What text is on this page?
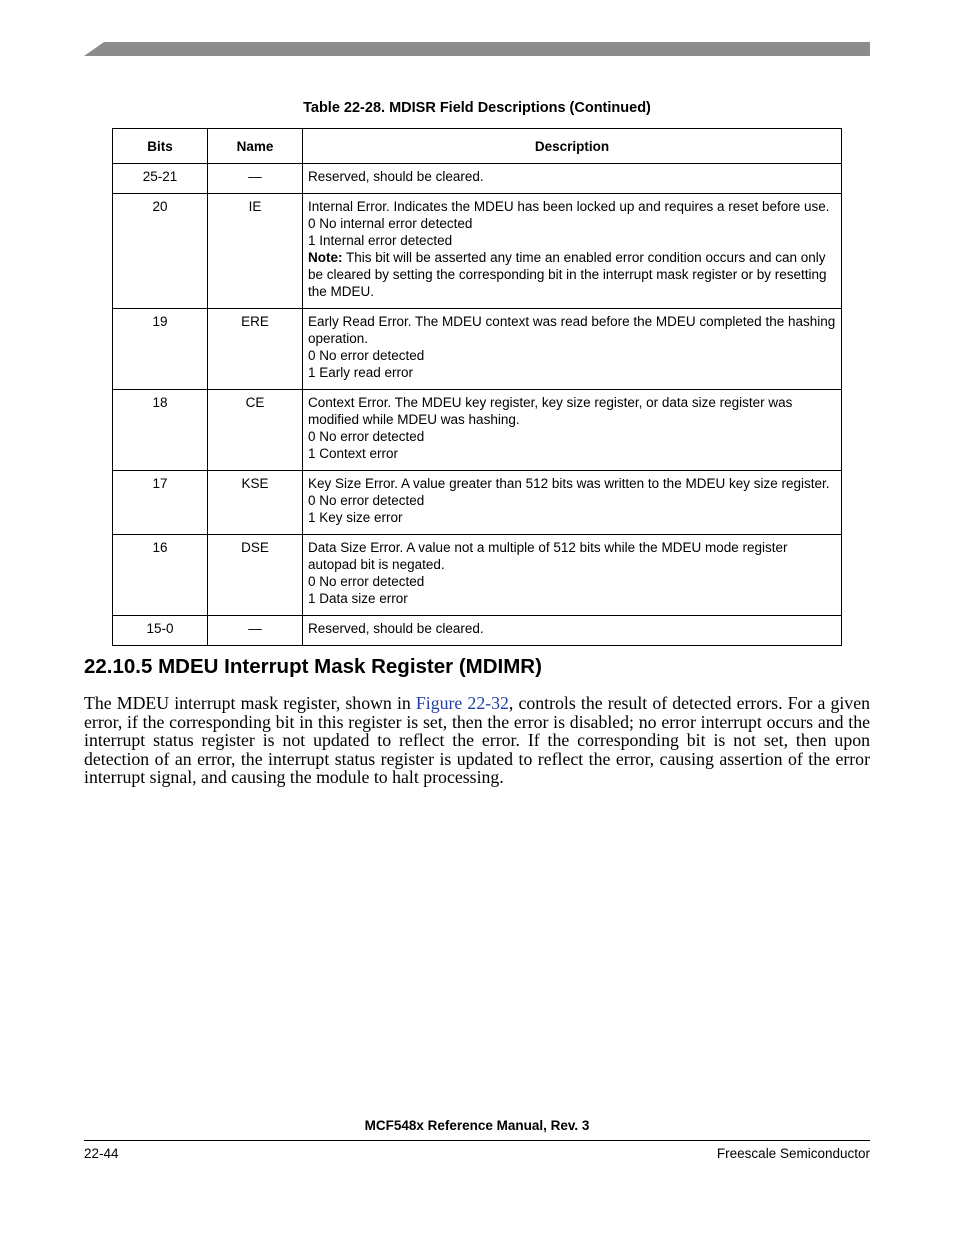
Table 22-28. MDISR Field Descriptions (Continued)
Bits	Name	Description
25-21	—	Reserved, should be cleared.

20	IE	Internal Error. Indicates the MDEU has been locked up and requires a reset before use.
0 No internal error detected
1 Internal error detected
Note: This bit will be asserted any time an enabled error condition occurs and can only be cleared by setting the corresponding bit in the interrupt mask register or by resetting the MDEU.

19	ERE	Early Read Error. The MDEU context was read before the MDEU completed the hashing operation.
0 No error detected
1 Early read error

18	CE	Context Error. The MDEU key register, key size register, or data size register was modified while MDEU was hashing.
0 No error detected
1 Context error

17	KSE	Key Size Error. A value greater than 512 bits was written to the MDEU key size register.
0 No error detected
1 Key size error

16	DSE	Data Size Error. A value not a multiple of 512 bits while the MDEU mode register autopad bit is negated.
0 No error detected
1 Data size error

15-0	—	Reserved, should be cleared.
22.10.5 MDEU Interrupt Mask Register (MDIMR)

The MDEU interrupt mask register, shown in Figure 22-32, controls the result of detected errors. For a given error, if the corresponding bit in this register is set, then the error is disabled; no error interrupt occurs and the interrupt status register is not updated to reflect the error. If the corresponding bit is not set, then upon detection of an error, the interrupt status register is updated to reflect the error, causing assertion of the error interrupt signal, and causing the module to halt processing.

MCF548x Reference Manual, Rev. 3
22-44	Freescale Semiconductor
